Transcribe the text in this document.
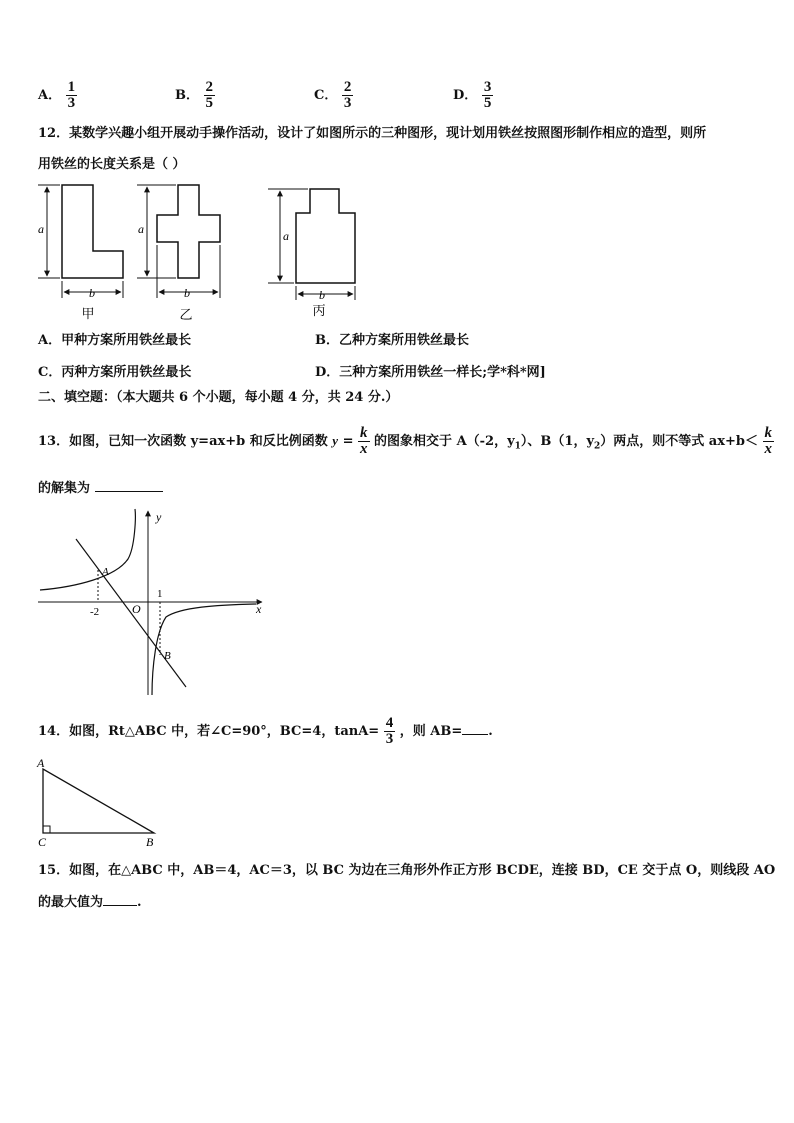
A． $\frac{1}{3}$	B． $\frac{2}{5}$	C． $\frac{2}{3}$	D． $\frac{3}{5}$
12．某数学兴趣小组开展动手操作活动，设计了如图所示的三种图形，现计划用铁丝按照图形制作相应的造型，则所
用铁丝的长度关系是（ ）
a
b
甲
a
b
乙
a
b
丙
A．甲种方案所用铁丝最长	B．乙种方案所用铁丝最长
C．丙种方案所用铁丝最长	D．三种方案所用铁丝一样长;学*科*网]
二、填空题：（本大题共 6 个小题，每小题 4 分，共 24 分.）
13．如图，已知一次函数 y=ax+b 和反比例函数 $y = \frac{k}{x}$ 的图象相交于 A（-2，$y_1$）、B（1，$y_2$）两点，则不等式 $ax+b< \frac{k}{x}$
的解集为
y
x
O
A
B
-2
1
14．如图，Rt△ABC 中，若∠C=90°，BC=4，$\tan A= \frac{4}{3}$ ，则 AB= .
A
C	B
15．如图，在△ABC 中，AB＝4，AC＝3，以 BC 为边在三角形外作正方形 BCDE，连接 BD，CE 交于点 O，则线段 AO
的最大值为	.
